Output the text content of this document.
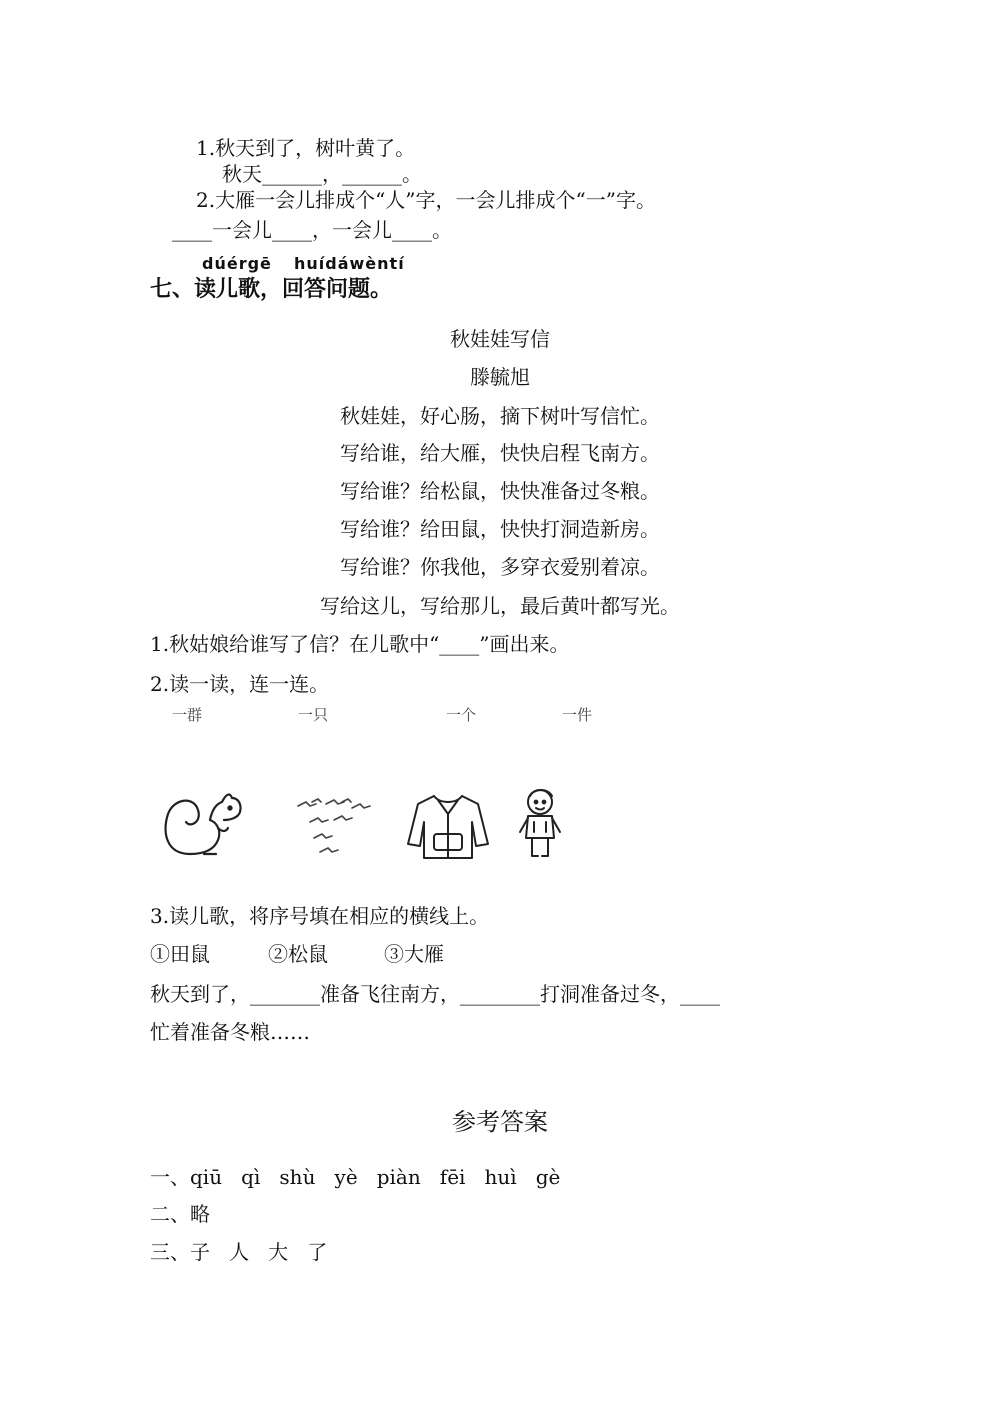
1.秋天到了，树叶黄了。
秋天______，______。
2.大雁一会儿排成个“人”字，一会儿排成个“一”字。
____一会儿____，一会儿____。
dúérgē huídáwèntí
七、读儿歌，回答问题。
秋娃娃写信
滕毓旭
秋娃娃，好心肠，摘下树叶写信忙。
写给谁，给大雁，快快启程飞南方。
写给谁？给松鼠，快快准备过冬粮。
写给谁？给田鼠，快快打洞造新房。
写给谁？你我他，多穿衣爱别着凉。
写给这儿，写给那儿，最后黄叶都写光。
1.秋姑娘给谁写了信？在儿歌中“____”画出来。
2.读一读，连一连。
一群	一只	一个	一件
3.读儿歌，将序号填在相应的横线上。
①田鼠	②松鼠	③大雁
秋天到了，_______准备飞往南方，________打洞准备过冬，____
忙着准备冬粮……
参考答案
一、qiū   qì   shù   yè   piàn   fēi   huì   gè
二、略
三、子   人   大   了
